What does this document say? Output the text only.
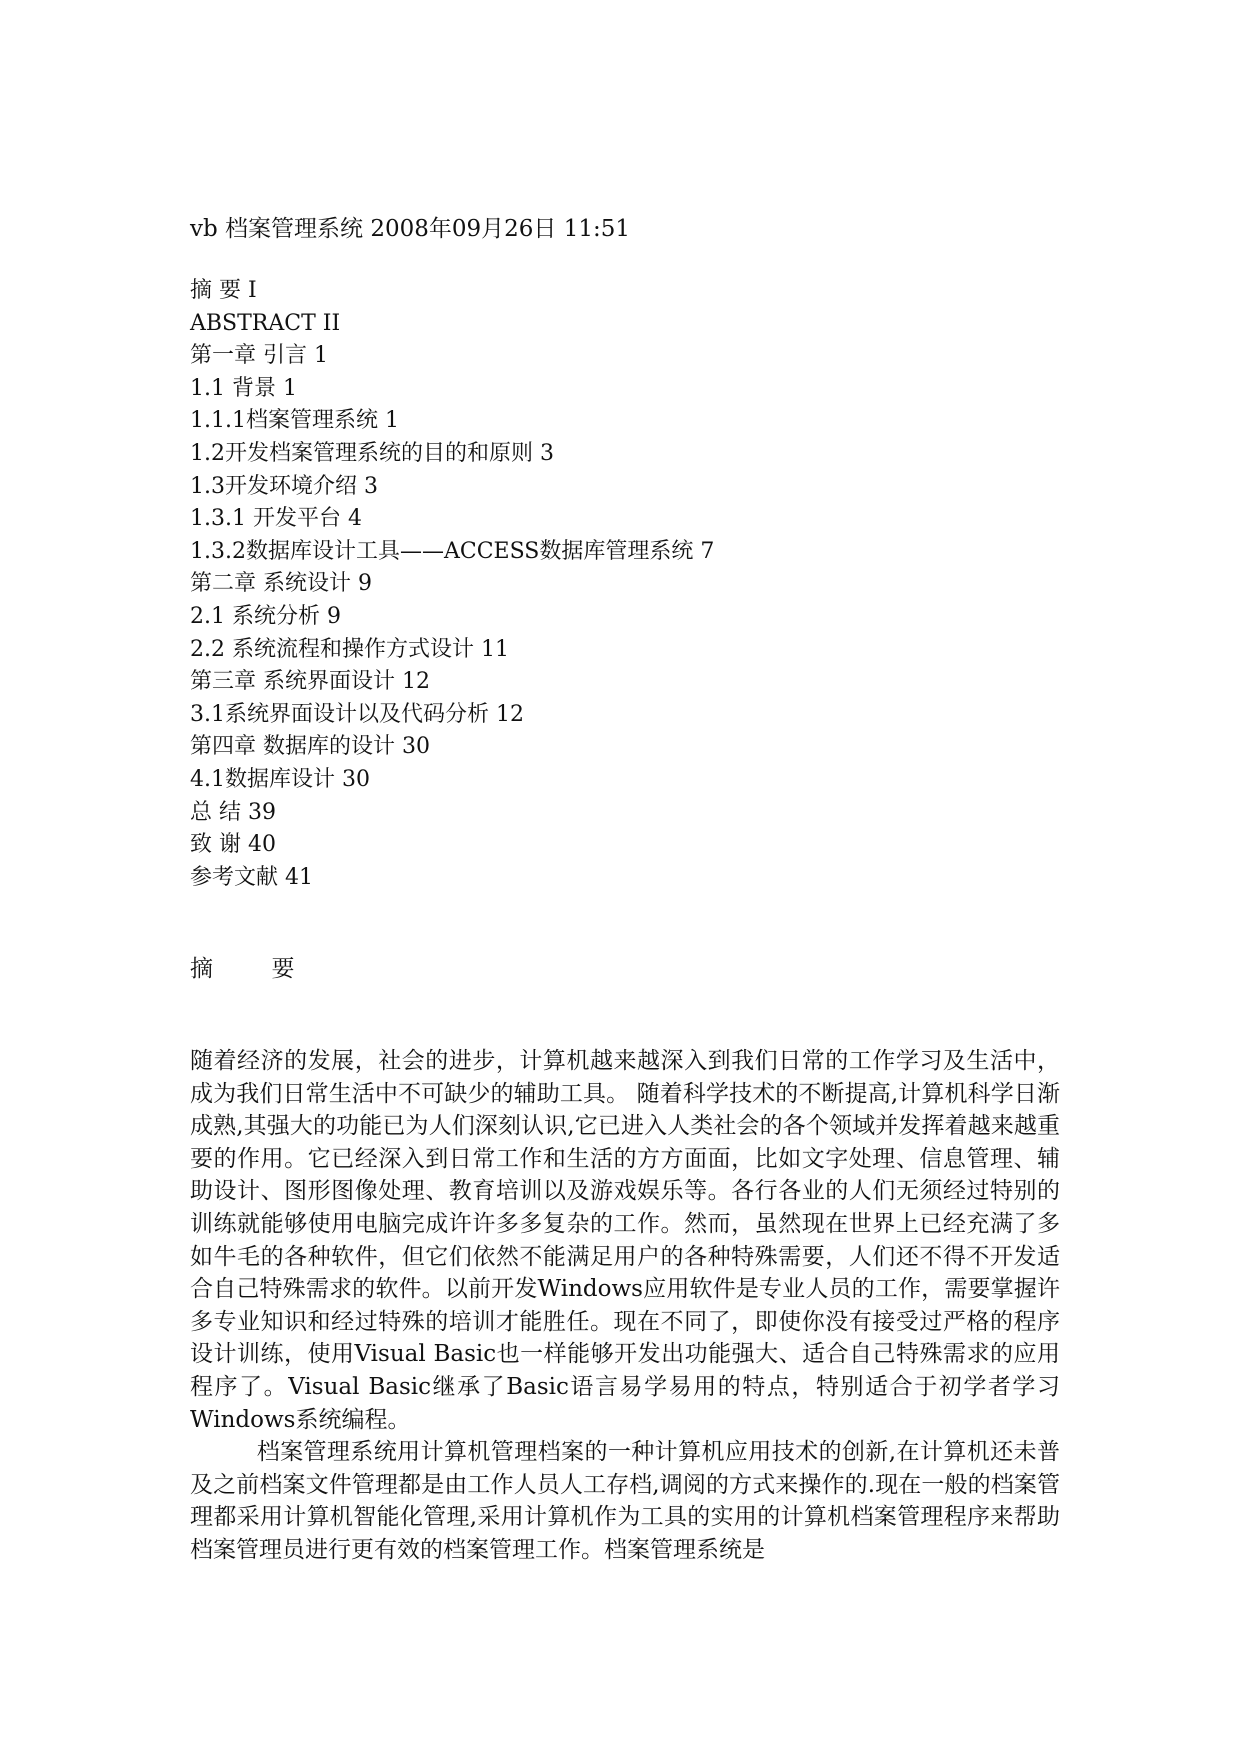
vb 档案管理系统 2008年09月26日 11:51
摘 要 I
ABSTRACT II
第一章 引言 1
1.1 背景 1
1.1.1档案管理系统 1
1.2开发档案管理系统的目的和原则 3
1.3开发环境介绍 3
1.3.1 开发平台 4
1.3.2数据库设计工具——ACCESS数据库管理系统 7
第二章 系统设计 9
2.1 系统分析 9
2.2 系统流程和操作方式设计 11
第三章 系统界面设计 12
3.1系统界面设计以及代码分析 12
第四章 数据库的设计 30
4.1数据库设计 30
总 结 39
致 谢 40
参考文献 41
摘        要

随着经济的发展，社会的进步，计算机越来越深入到我们日常的工作学习及生活中，成为我们日常生活中不可缺少的辅助工具。 随着科学技术的不断提高,计算机科学日渐成熟,其强大的功能已为人们深刻认识,它已进入人类社会的各个领域并发挥着越来越重要的作用。它已经深入到日常工作和生活的方方面面，比如文字处理、信息管理、辅助设计、图形图像处理、教育培训以及游戏娱乐等。各行各业的人们无须经过特别的训练就能够使用电脑完成许许多多复杂的工作。然而，虽然现在世界上已经充满了多如牛毛的各种软件，但它们依然不能满足用户的各种特殊需要，人们还不得不开发适合自己特殊需求的软件。以前开发Windows应用软件是专业人员的工作，需要掌握许多专业知识和经过特殊的培训才能胜任。现在不同了，即使你没有接受过严格的程序设计训练，使用Visual Basic也一样能够开发出功能强大、适合自己特殊需求的应用程序了。Visual Basic继承了Basic语言易学易用的特点，特别适合于初学者学习Windows系统编程。

档案管理系统用计算机管理档案的一种计算机应用技术的创新,在计算机还未普及之前档案文件管理都是由工作人员人工存档,调阅的方式来操作的.现在一般的档案管理都采用计算机智能化管理,采用计算机作为工具的实用的计算机档案管理程序来帮助档案管理员进行更有效的档案管理工作。档案管理系统是
